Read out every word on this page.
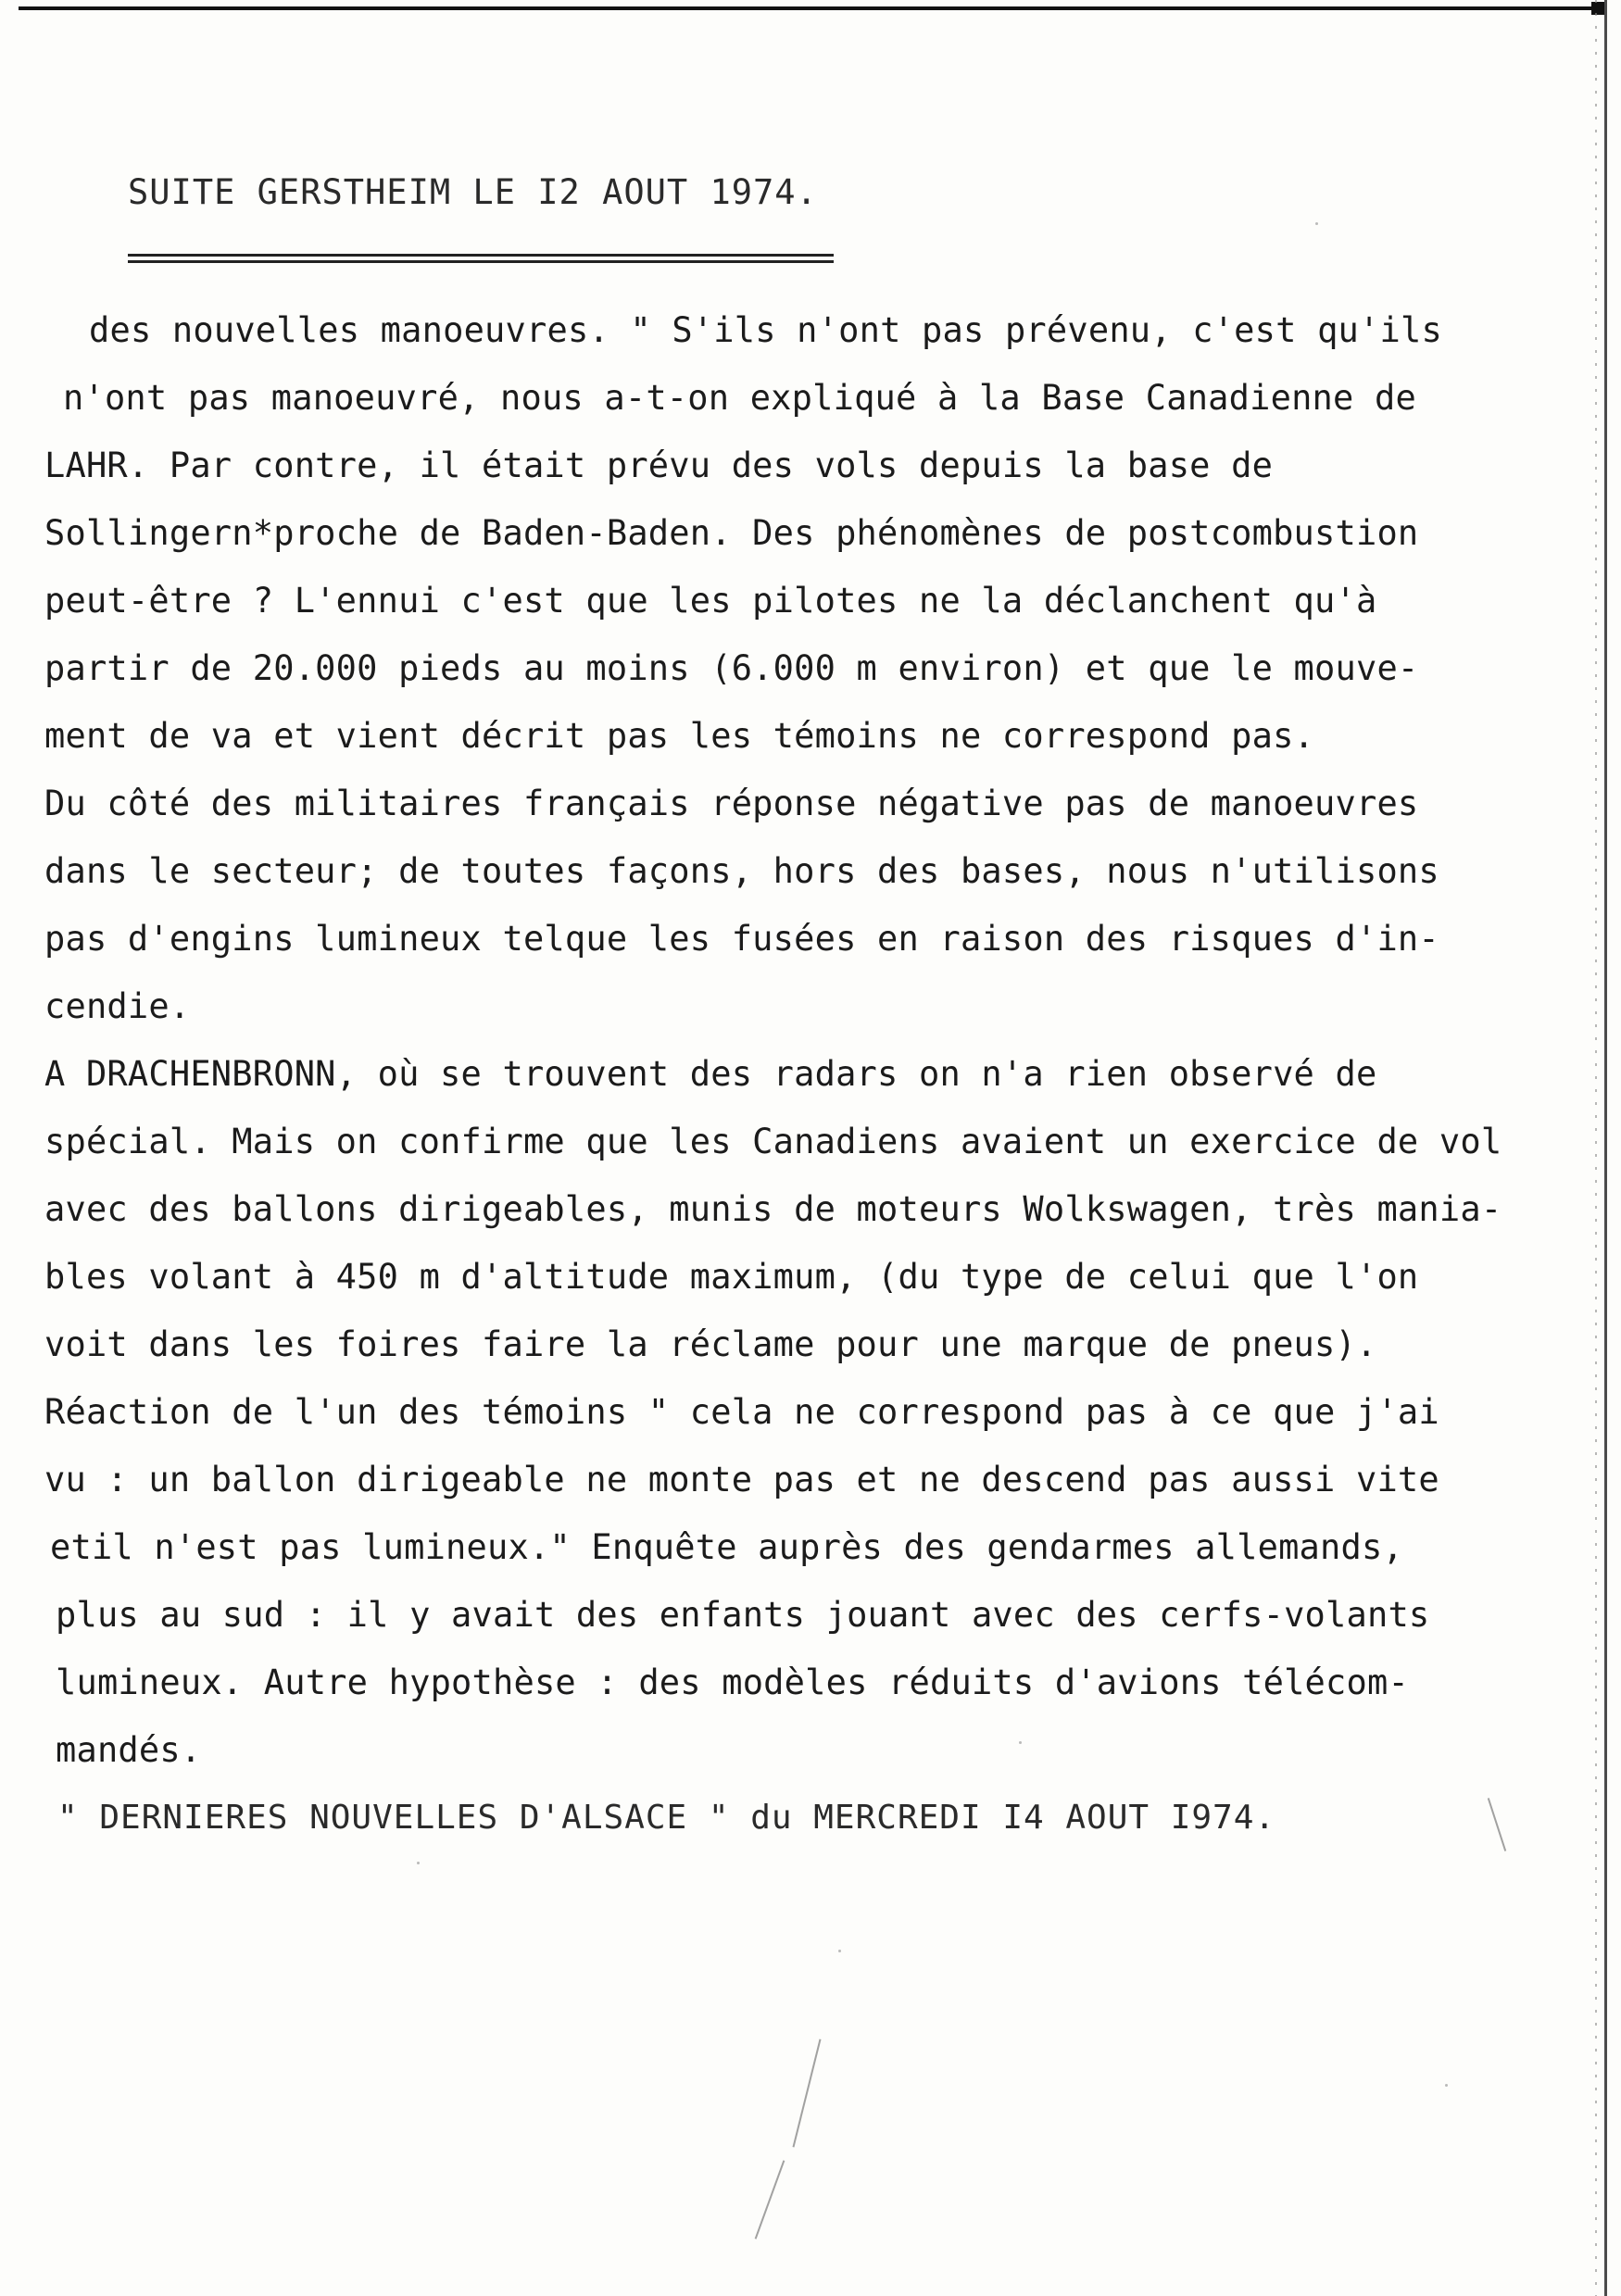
SUITE GERSTHEIM LE I2 AOUT 1974.
des nouvelles manoeuvres. " S'ils n'ont pas prévenu, c'est qu'ils
n'ont pas manoeuvré, nous a-t-on expliqué à la Base Canadienne de
LAHR. Par contre, il était prévu des vols depuis la base de
Sollingern*proche de Baden-Baden. Des phénomènes de postcombustion
peut-être ? L'ennui c'est que les pilotes ne la déclanchent qu'à
partir de 20.000 pieds au moins (6.000 m environ) et que le mouve-
ment de va et vient décrit pas les témoins ne correspond pas.
Du côté des militaires français réponse négative pas de manoeuvres
dans le secteur; de toutes façons, hors des bases, nous n'utilisons
pas d'engins lumineux telque les fusées en raison des risques d'in-
cendie.
A DRACHENBRONN, où se trouvent des radars on n'a rien observé de
spécial. Mais on confirme que les Canadiens avaient un exercice de vol
avec des ballons dirigeables, munis de moteurs Wolkswagen, très mania-
bles volant à 450 m d'altitude maximum, (du type de celui que l'on
voit dans les foires faire la réclame pour une marque de pneus).
Réaction de l'un des témoins " cela ne correspond pas à ce que j'ai
vu : un ballon dirigeable ne monte pas et ne descend pas aussi vite
etil n'est pas lumineux." Enquête auprès des gendarmes allemands,
plus au sud : il y avait des enfants jouant avec des cerfs-volants
lumineux. Autre hypothèse : des modèles réduits d'avions télécom-
mandés.
" DERNIERES NOUVELLES D'ALSACE " du MERCREDI I4 AOUT I974.
